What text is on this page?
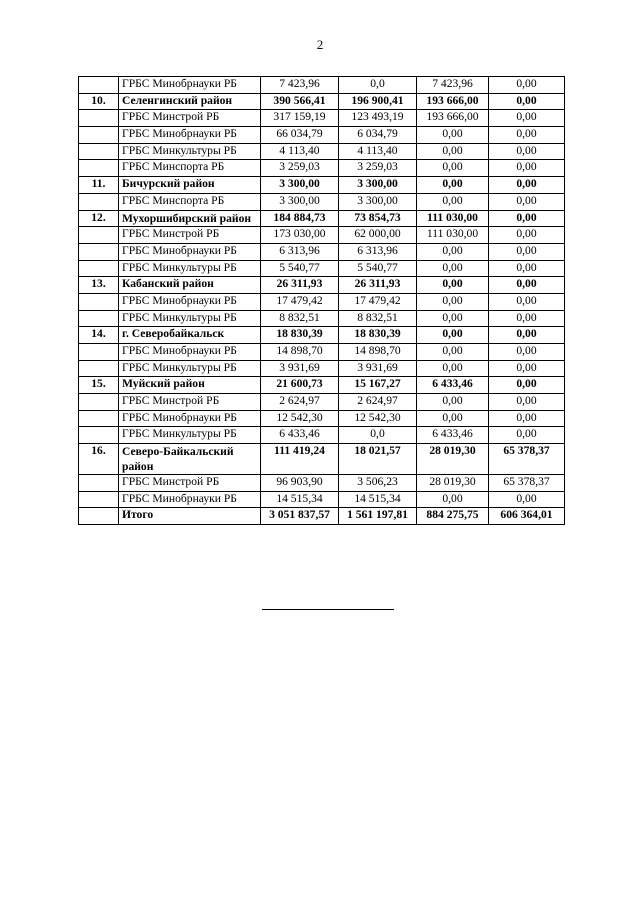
2
	ГРБС Минобрнауки РБ	7 423,96	0,0	7 423,96	0,00
10.	Селенгинский район	390 566,41	196 900,41	193 666,00	0,00
	ГРБС Минстрой РБ	317 159,19	123 493,19	193 666,00	0,00
	ГРБС Минобрнауки РБ	66 034,79	6 034,79	0,00	0,00
	ГРБС Минкультуры РБ	4 113,40	4 113,40	0,00	0,00
	ГРБС Минспорта РБ	3 259,03	3 259,03	0,00	0,00
11.	Бичурский район	3 300,00	3 300,00	0,00	0,00
	ГРБС Минспорта РБ	3 300,00	3 300,00	0,00	0,00
12.	Мухоршибирский район	184 884,73	73 854,73	111 030,00	0,00
	ГРБС Минстрой РБ	173 030,00	62 000,00	111 030,00	0,00
	ГРБС Минобрнауки РБ	6 313,96	6 313,96	0,00	0,00
	ГРБС Минкультуры РБ	5 540,77	5 540,77	0,00	0,00
13.	Кабанский район	26 311,93	26 311,93	0,00	0,00
	ГРБС Минобрнауки РБ	17 479,42	17 479,42	0,00	0,00
	ГРБС Минкультуры РБ	8 832,51	8 832,51	0,00	0,00
14.	г. Северобайкальск	18 830,39	18 830,39	0,00	0,00
	ГРБС Минобрнауки РБ	14 898,70	14 898,70	0,00	0,00
	ГРБС Минкультуры РБ	3 931,69	3 931,69	0,00	0,00
15.	Муйский район	21 600,73	15 167,27	6 433,46	0,00
	ГРБС Минстрой РБ	2 624,97	2 624,97	0,00	0,00
	ГРБС Минобрнауки РБ	12 542,30	12 542,30	0,00	0,00
	ГРБС Минкультуры РБ	6 433,46	0,0	6 433,46	0,00
16.	Северо-Байкальский район	111 419,24	18 021,57	28 019,30	65 378,37
	ГРБС Минстрой РБ	96 903,90	3 506,23	28 019,30	65 378,37
	ГРБС Минобрнауки РБ	14 515,34	14 515,34	0,00	0,00
	Итого	3 051 837,57	1 561 197,81	884 275,75	606 364,01
